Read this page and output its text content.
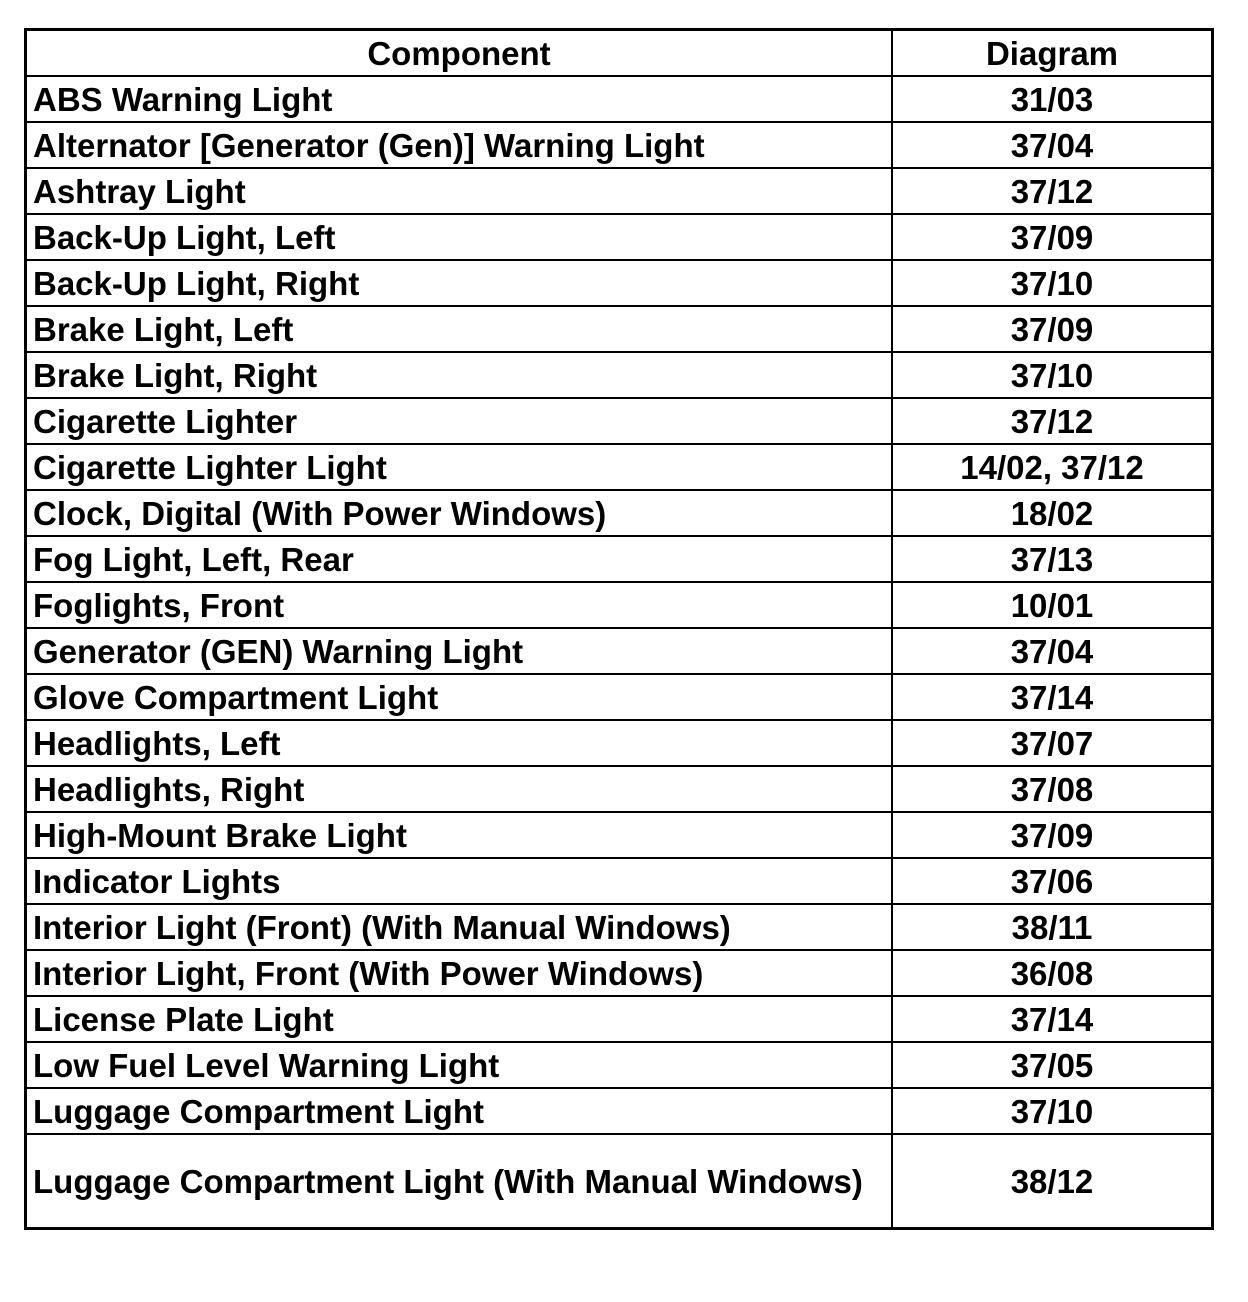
Component	Diagram
ABS Warning Light	31/03
Alternator [Generator (Gen)] Warning Light	37/04
Ashtray Light	37/12
Back-Up Light, Left	37/09
Back-Up Light, Right	37/10
Brake Light, Left	37/09
Brake Light, Right	37/10
Cigarette Lighter	37/12
Cigarette Lighter Light	14/02, 37/12
Clock, Digital (With Power Windows)	18/02
Fog Light, Left, Rear	37/13
Foglights, Front	10/01
Generator (GEN) Warning Light	37/04
Glove Compartment Light	37/14
Headlights, Left	37/07
Headlights, Right	37/08
High-Mount Brake Light	37/09
Indicator Lights	37/06
Interior Light (Front) (With Manual Windows)	38/11
Interior Light, Front (With Power Windows)	36/08
License Plate Light	37/14
Low Fuel Level Warning Light	37/05
Luggage Compartment Light	37/10
Luggage Compartment Light (With Manual Windows)	38/12
